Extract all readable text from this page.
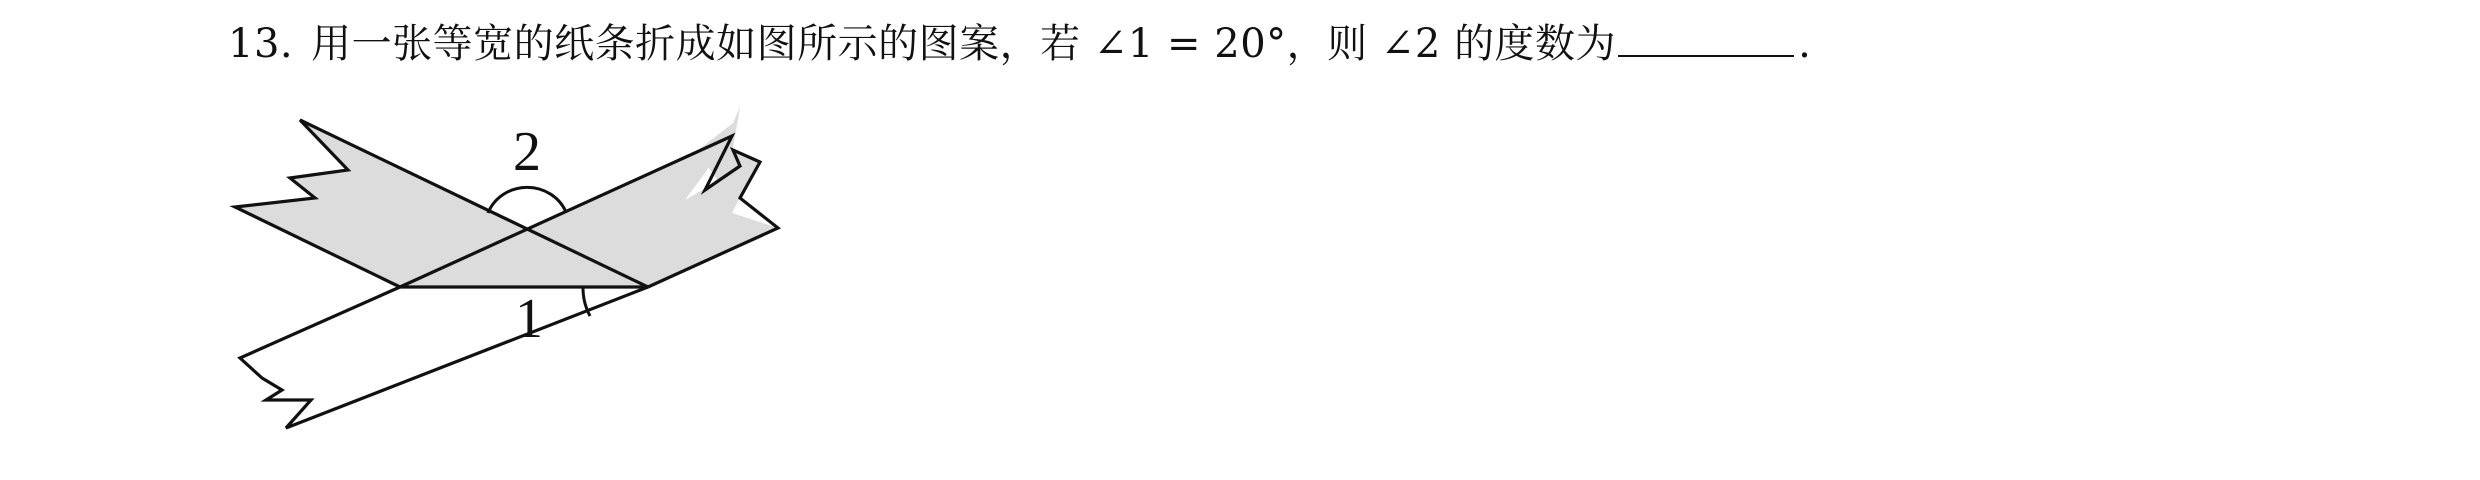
13. 用一张等宽的纸条折成如图所示的图案，若 ∠1 = 20°，则 ∠2 的度数为	.
2
1
